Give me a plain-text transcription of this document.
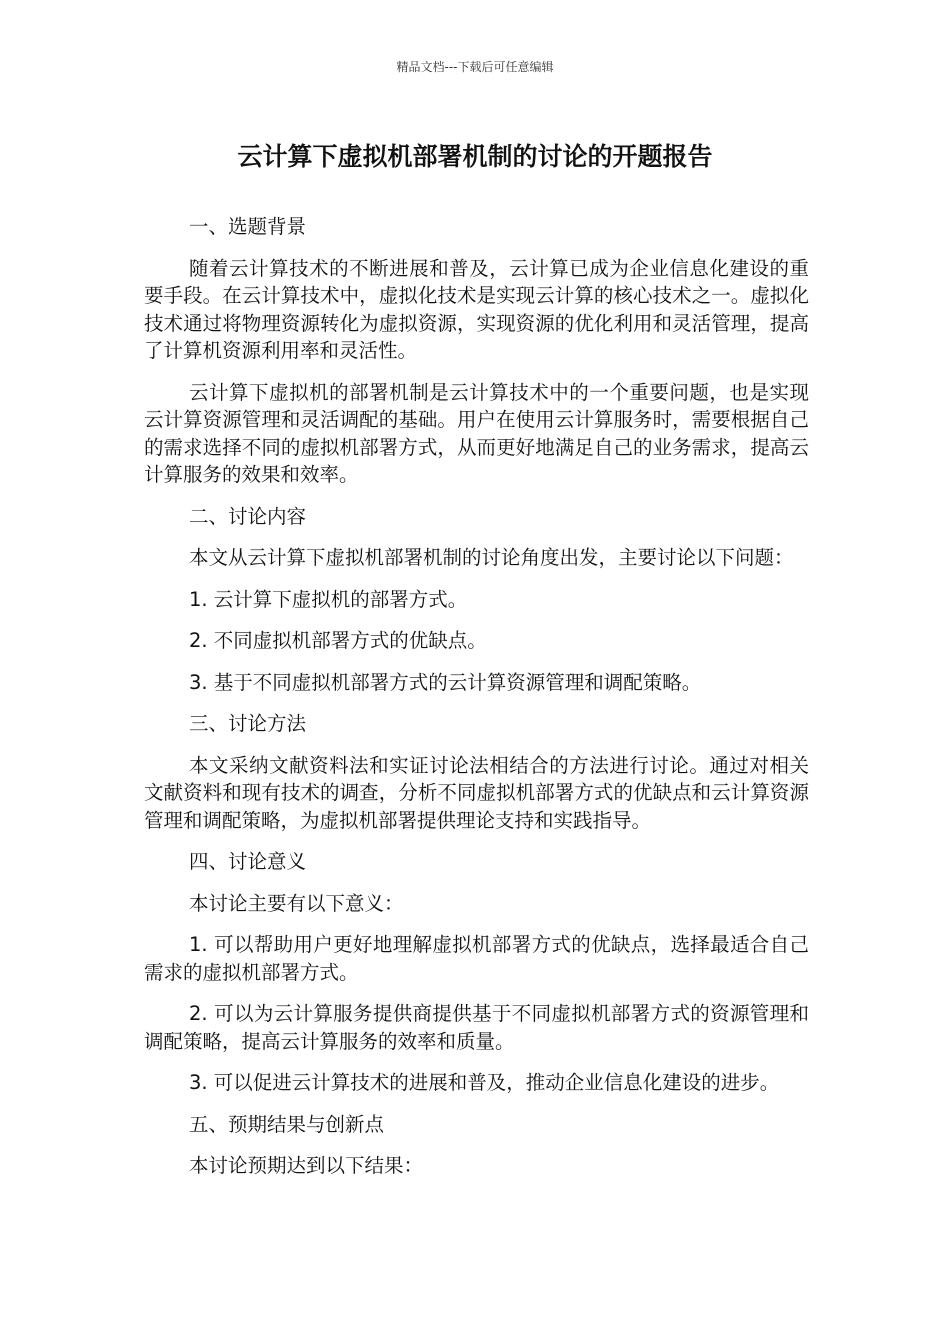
精品文档---下载后可任意编辑
云计算下虚拟机部署机制的讨论的开题报告

一、选题背景

随着云计算技术的不断进展和普及，云计算已成为企业信息化建设的重要手段。在云计算技术中，虚拟化技术是实现云计算的核心技术之一。虚拟化技术通过将物理资源转化为虚拟资源，实现资源的优化利用和灵活管理，提高了计算机资源利用率和灵活性。

云计算下虚拟机的部署机制是云计算技术中的一个重要问题，也是实现云计算资源管理和灵活调配的基础。用户在使用云计算服务时，需要根据自己的需求选择不同的虚拟机部署方式，从而更好地满足自己的业务需求，提高云计算服务的效果和效率。

二、讨论内容

本文从云计算下虚拟机部署机制的讨论角度出发，主要讨论以下问题：

1. 云计算下虚拟机的部署方式。

2. 不同虚拟机部署方式的优缺点。

3. 基于不同虚拟机部署方式的云计算资源管理和调配策略。

三、讨论方法

本文采纳文献资料法和实证讨论法相结合的方法进行讨论。通过对相关文献资料和现有技术的调查，分析不同虚拟机部署方式的优缺点和云计算资源管理和调配策略，为虚拟机部署提供理论支持和实践指导。

四、讨论意义

本讨论主要有以下意义：

1. 可以帮助用户更好地理解虚拟机部署方式的优缺点，选择最适合自己需求的虚拟机部署方式。

2. 可以为云计算服务提供商提供基于不同虚拟机部署方式的资源管理和调配策略，提高云计算服务的效率和质量。

3. 可以促进云计算技术的进展和普及，推动企业信息化建设的进步。

五、预期结果与创新点

本讨论预期达到以下结果：
